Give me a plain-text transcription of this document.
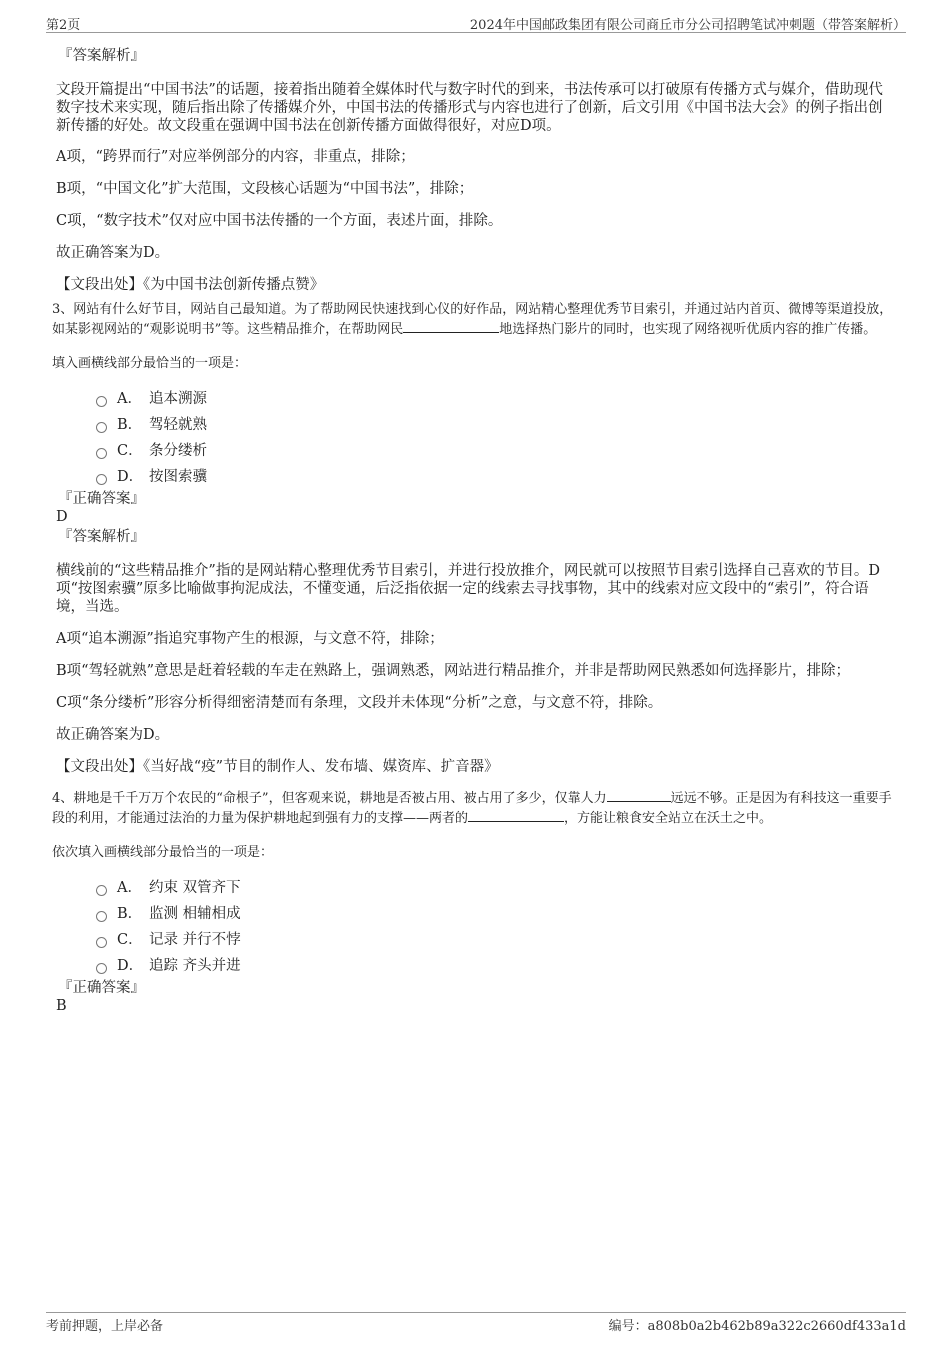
第2页	2024年中国邮政集团有限公司商丘市分公司招聘笔试冲刺题（带答案解析）

『答案解析』

文段开篇提出“中国书法”的话题，接着指出随着全媒体时代与数字时代的到来，书法传承可以打破原有传播方式与媒介，借助现代数字技术来实现，随后指出除了传播媒介外，中国书法的传播形式与内容也进行了创新，后文引用《中国书法大会》的例子指出创新传播的好处。故文段重在强调中国书法在创新传播方面做得很好，对应D项。

A项，“跨界而行”对应举例部分的内容，非重点，排除；

B项，“中国文化”扩大范围，文段核心话题为“中国书法”，排除；

C项，“数字技术”仅对应中国书法传播的一个方面，表述片面，排除。

故正确答案为D。

【文段出处】《为中国书法创新传播点赞》

3、网站有什么好节目，网站自己最知道。为了帮助网民快速找到心仪的好作品，网站精心整理优秀节目索引，并通过站内首页、微博等渠道投放，如某影视网站的“观影说明书”等。这些精品推介，在帮助网民	地选择热门影片的同时，也实现了网络视听优质内容的推广传播。

填入画横线部分最恰当的一项是：

A． 追本溯源
B． 驾轻就熟
C． 条分缕析
D． 按图索骥

『正确答案』

D

『答案解析』

横线前的“这些精品推介”指的是网站精心整理优秀节目索引，并进行投放推介，网民就可以按照节目索引选择自己喜欢的节目。D项“按图索骥”原多比喻做事拘泥成法，不懂变通，后泛指依据一定的线索去寻找事物，其中的线索对应文段中的“索引”，符合语境，当选。

A项“追本溯源”指追究事物产生的根源，与文意不符，排除；

B项“驾轻就熟”意思是赶着轻载的车走在熟路上，强调熟悉，网站进行精品推介，并非是帮助网民熟悉如何选择影片，排除；

C项“条分缕析”形容分析得细密清楚而有条理，文段并未体现“分析”之意，与文意不符，排除。

故正确答案为D。

【文段出处】《当好战“疫”节目的制作人、发布墙、媒资库、扩音器》

4、耕地是千千万万个农民的“命根子”，但客观来说，耕地是否被占用、被占用了多少，仅靠人力	远远不够。正是因为有科技这一重要手段的利用，才能通过法治的力量为保护耕地起到强有力的支撑——两者的	，方能让粮食安全站立在沃土之中。

依次填入画横线部分最恰当的一项是：

A． 约束 双管齐下
B． 监测 相辅相成
C． 记录 并行不悖
D． 追踪 齐头并进

『正确答案』

B

考前押题，上岸必备	编号：a808b0a2b462b89a322c2660df433a1d
